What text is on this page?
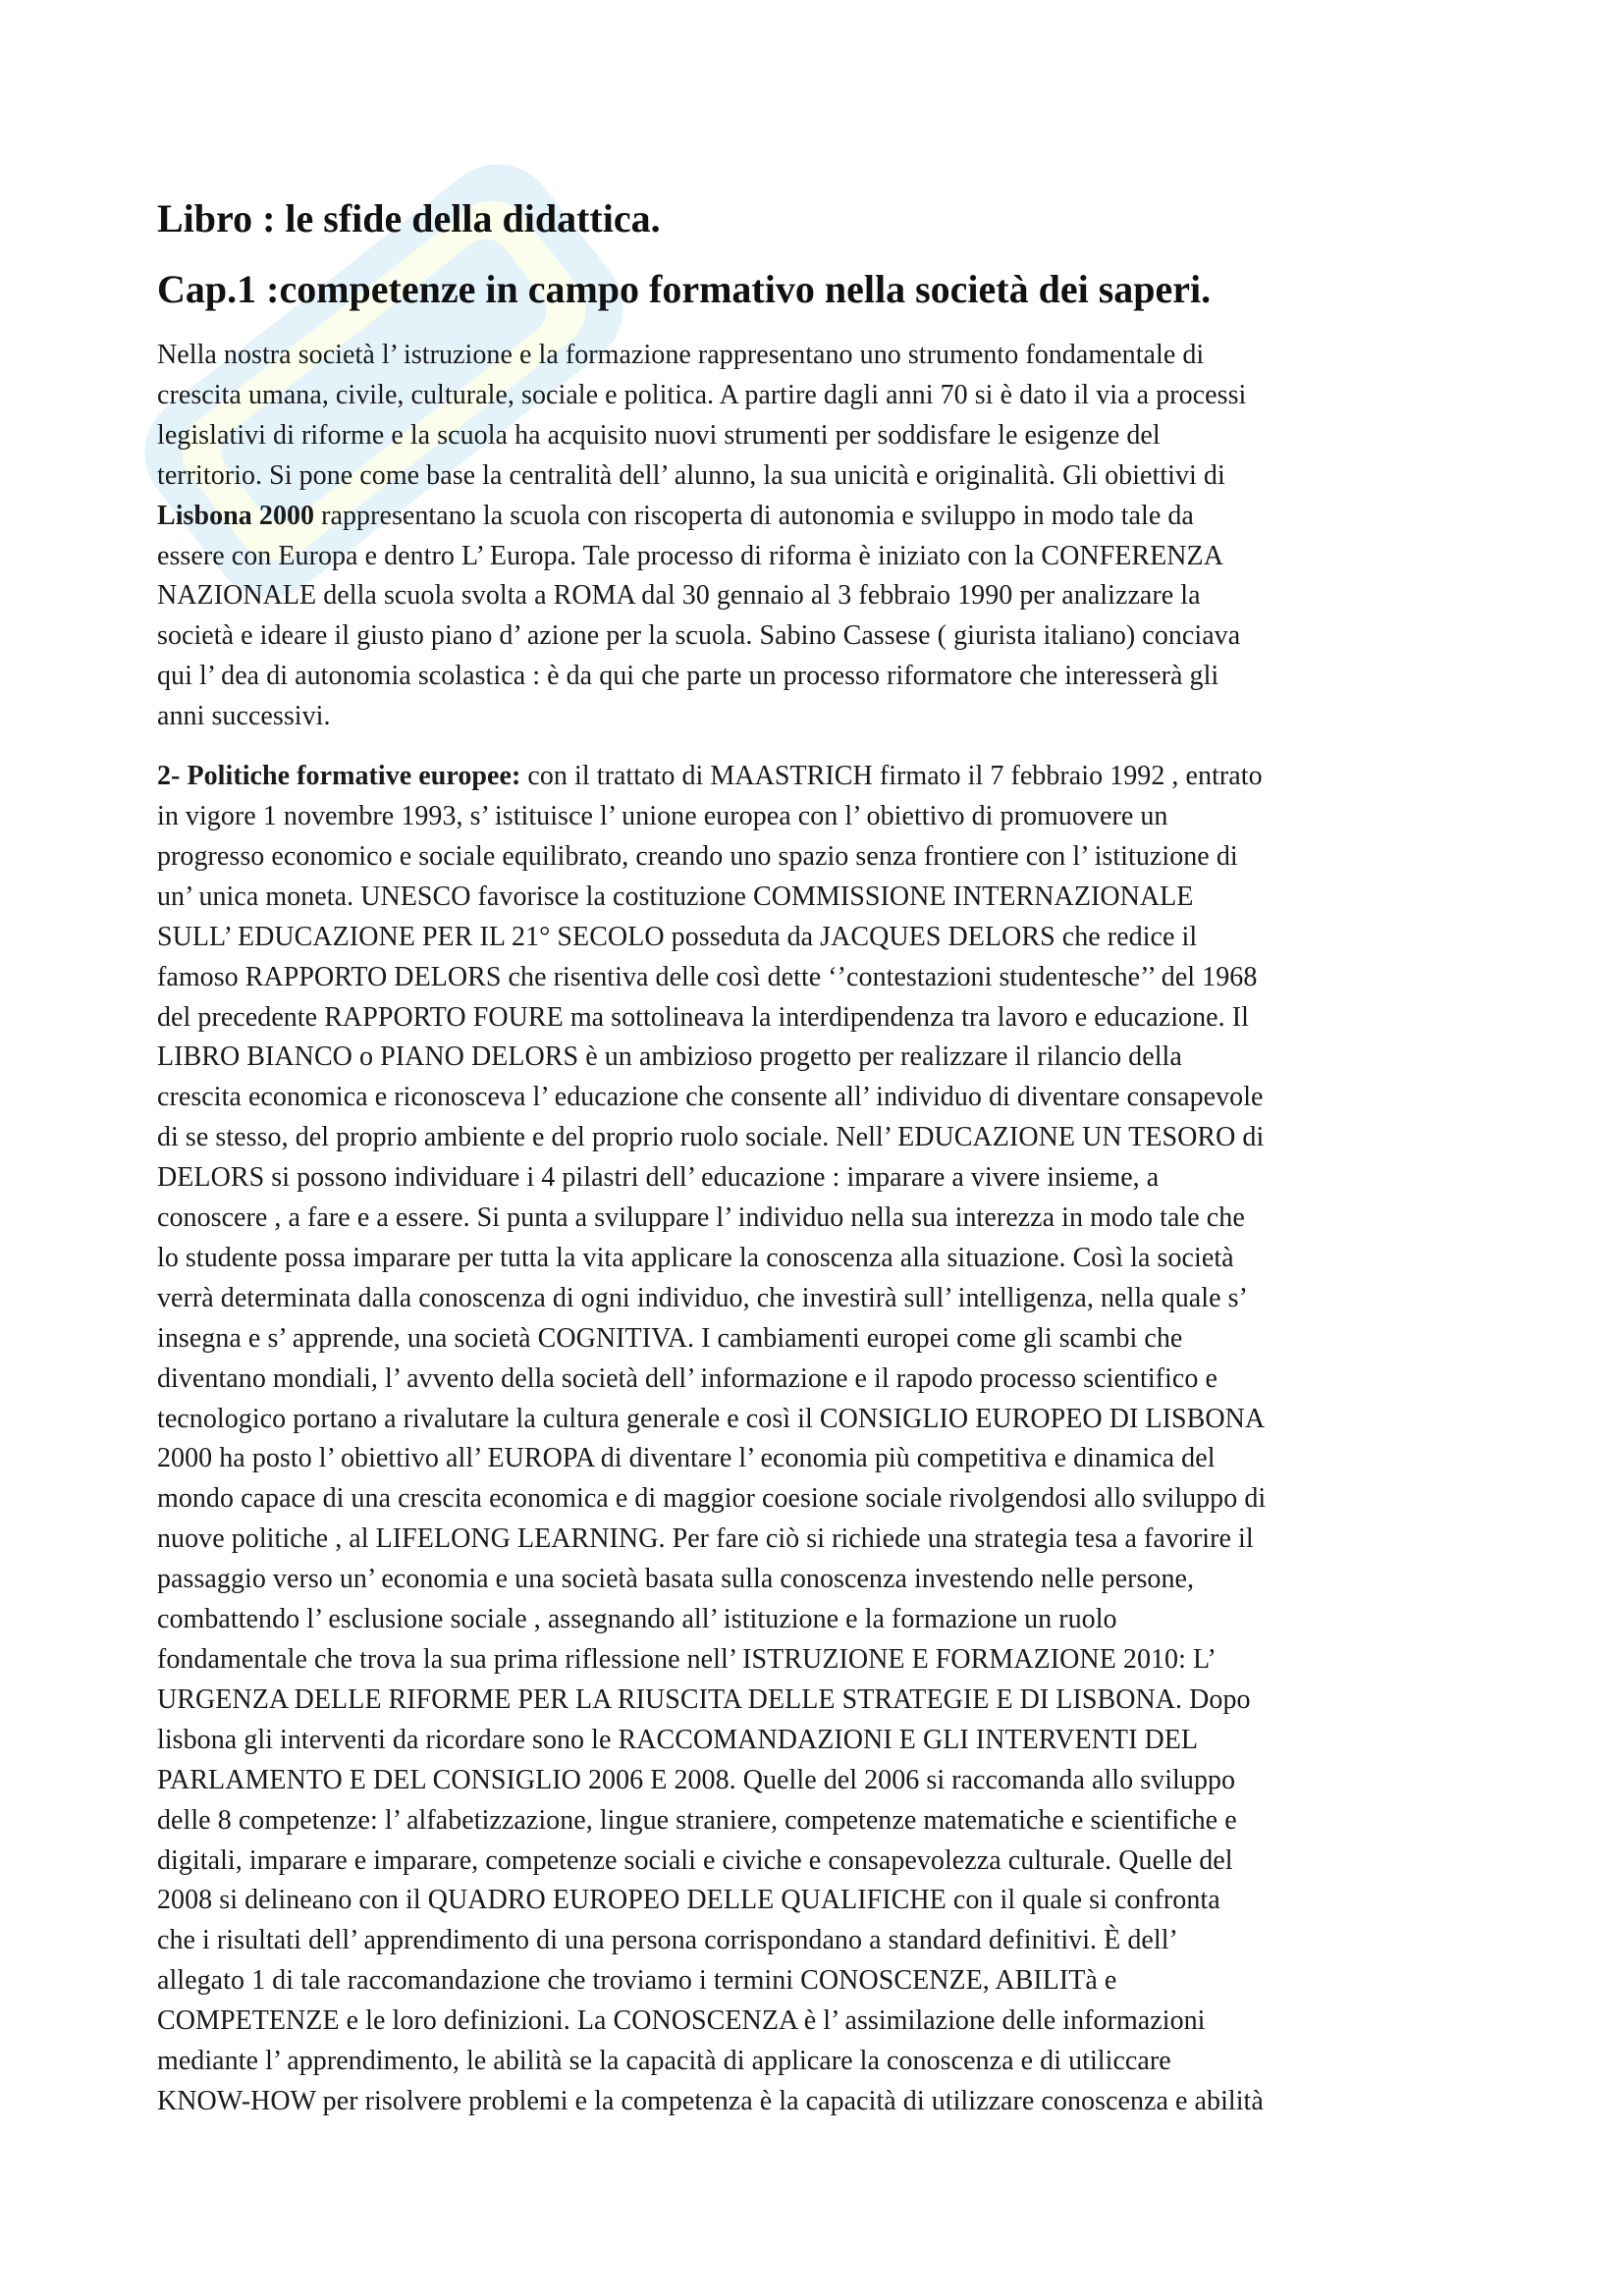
Libro : le sfide della didattica.
Cap.1 :competenze in campo formativo nella società dei saperi.

Nella nostra società l’ istruzione e la formazione rappresentano uno strumento fondamentale di
crescita umana, civile, culturale, sociale e politica. A partire dagli anni 70 si è dato il via a processi
legislativi di riforme e la scuola ha acquisito nuovi strumenti per soddisfare le esigenze del
territorio. Si pone come base la centralità dell’ alunno, la sua unicità e originalità. Gli obiettivi di
Lisbona 2000 rappresentano la scuola con riscoperta di autonomia e sviluppo in modo tale da
essere con Europa e dentro L’ Europa. Tale processo di riforma è iniziato con la CONFERENZA
NAZIONALE della scuola svolta a ROMA dal 30 gennaio al 3 febbraio 1990 per analizzare la
società e ideare il giusto piano d’ azione per la scuola. Sabino Cassese ( giurista italiano) conciava
qui l’ dea di autonomia scolastica : è da qui che parte un processo riformatore che interesserà gli
anni successivi.

2- Politiche formative europee: con il trattato di MAASTRICH firmato il 7 febbraio 1992 , entrato
in vigore 1 novembre 1993, s’ istituisce l’ unione europea con l’ obiettivo di promuovere un
progresso economico e sociale equilibrato, creando uno spazio senza frontiere con l’ istituzione di
un’ unica moneta. UNESCO favorisce la costituzione COMMISSIONE INTERNAZIONALE
SULL’ EDUCAZIONE PER IL 21° SECOLO posseduta da JACQUES DELORS che redice il
famoso RAPPORTO DELORS che risentiva delle così dette ‘’contestazioni studentesche’’ del 1968
del precedente RAPPORTO FOURE ma sottolineava la interdipendenza tra lavoro e educazione. Il
LIBRO BIANCO o PIANO DELORS è un ambizioso progetto per realizzare il rilancio della
crescita economica e riconosceva l’ educazione che consente all’ individuo di diventare consapevole
di se stesso, del proprio ambiente e del proprio ruolo sociale. Nell’ EDUCAZIONE UN TESORO di
DELORS si possono individuare i 4 pilastri dell’ educazione : imparare a vivere insieme, a
conoscere , a fare e a essere. Si punta a sviluppare l’ individuo nella sua interezza in modo tale che
lo studente possa imparare per tutta la vita applicare la conoscenza alla situazione. Così la società
verrà determinata dalla conoscenza di ogni individuo, che investirà sull’ intelligenza, nella quale s’
insegna e s’ apprende, una società COGNITIVA. I cambiamenti europei come gli scambi che
diventano mondiali, l’ avvento della società dell’ informazione e il rapodo processo scientifico e
tecnologico portano a rivalutare la cultura generale e così il CONSIGLIO EUROPEO DI LISBONA
2000 ha posto l’ obiettivo all’ EUROPA di diventare l’ economia più competitiva e dinamica del
mondo capace di una crescita economica e di maggior coesione sociale rivolgendosi allo sviluppo di
nuove politiche , al LIFELONG LEARNING. Per fare ciò si richiede una strategia tesa a favorire il
passaggio verso un’ economia e una società basata sulla conoscenza investendo nelle persone,
combattendo l’ esclusione sociale , assegnando all’ istituzione e la formazione un ruolo
fondamentale che trova la sua prima riflessione nell’ ISTRUZIONE E FORMAZIONE 2010: L’
URGENZA DELLE RIFORME PER LA RIUSCITA DELLE STRATEGIE E DI LISBONA. Dopo
lisbona gli interventi da ricordare sono le RACCOMANDAZIONI E GLI INTERVENTI DEL
PARLAMENTO E DEL CONSIGLIO 2006 E 2008. Quelle del 2006 si raccomanda allo sviluppo
delle 8 competenze: l’ alfabetizzazione, lingue straniere, competenze matematiche e scientifiche e
digitali, imparare e imparare, competenze sociali e civiche e consapevolezza culturale. Quelle del
2008 si delineano con il QUADRO EUROPEO DELLE QUALIFICHE con il quale si confronta
che i risultati dell’ apprendimento di una persona corrispondano a standard definitivi. È dell’
allegato 1 di tale raccomandazione che troviamo i termini CONOSCENZE, ABILITà e
COMPETENZE e le loro definizioni. La CONOSCENZA è l’ assimilazione delle informazioni
mediante l’ apprendimento, le abilità se la capacità di applicare la conoscenza e di utiliccare
KNOW-HOW per risolvere problemi e la competenza è la capacità di utilizzare conoscenza e abilità
